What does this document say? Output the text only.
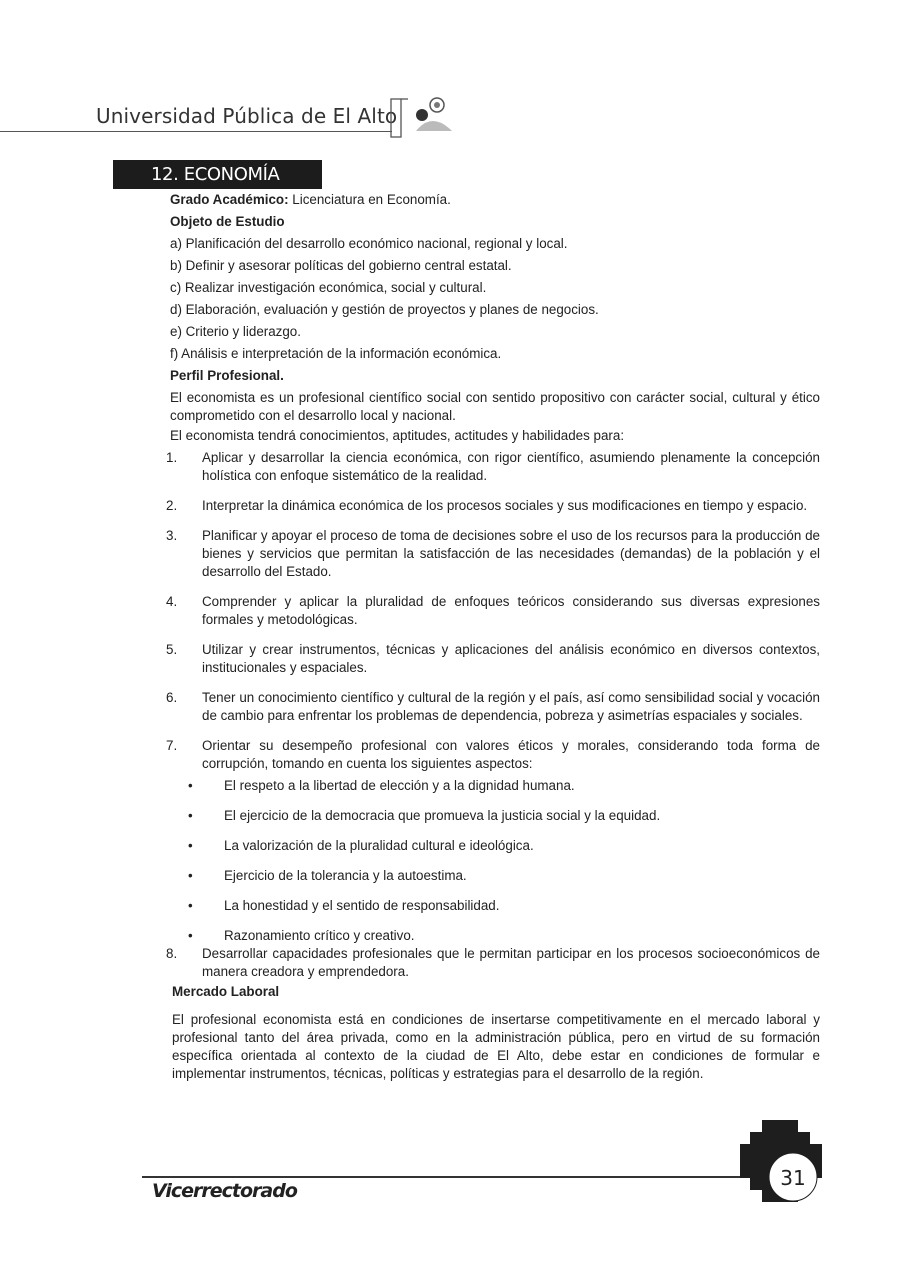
Universidad Pública de El Alto
12. ECONOMÍA
Grado Académico: Licenciatura en Economía.
Objeto de Estudio
a) Planificación del desarrollo económico nacional, regional y local.
b) Definir y asesorar políticas del gobierno central estatal.
c) Realizar investigación económica, social y cultural.
d) Elaboración, evaluación y gestión de proyectos y planes de negocios.
e) Criterio y liderazgo.
f) Análisis e interpretación de la información económica.
Perfil Profesional.
El economista es un profesional científico social con sentido propositivo con carácter social, cultural y ético comprometido con el desarrollo local y nacional.
El economista tendrá conocimientos, aptitudes, actitudes y habilidades para:
1. Aplicar y desarrollar la ciencia económica, con rigor científico, asumiendo plenamente la concepción holística con enfoque sistemático de la realidad.
2. Interpretar la dinámica económica de los procesos sociales y sus modificaciones en tiempo y espacio.
3. Planificar y apoyar el proceso de toma de decisiones sobre el uso de los recursos para la producción de bienes y servicios que permitan la satisfacción de las necesidades (demandas) de la población y el desarrollo del Estado.
4. Comprender y aplicar la pluralidad de enfoques teóricos considerando sus diversas expresiones formales y metodológicas.
5. Utilizar y crear instrumentos, técnicas y aplicaciones del análisis económico en diversos contextos, institucionales y espaciales.
6. Tener un conocimiento científico y cultural de la región y el país, así como sensibilidad social y vocación de cambio para enfrentar los problemas de dependencia, pobreza y asimetrías espaciales y sociales.
7. Orientar su desempeño profesional con valores éticos y morales, considerando toda forma de corrupción, tomando en cuenta los siguientes aspectos:
• El respeto a la libertad de elección y a la dignidad humana.
• El ejercicio de la democracia que promueva la justicia social y la equidad.
• La valorización de la pluralidad cultural e ideológica.
• Ejercicio de la tolerancia y la autoestima.
• La honestidad y el sentido de responsabilidad.
• Razonamiento crítico y creativo.
8. Desarrollar capacidades profesionales que le permitan participar en los procesos socioeconómicos de manera creadora y emprendedora.
Mercado Laboral
El profesional economista está en condiciones de insertarse competitivamente en el mercado laboral y profesional tanto del área privada, como en la administración pública, pero en virtud de su formación específica orientada al contexto de la ciudad de El Alto, debe estar en condiciones de formular e implementar instrumentos, técnicas, políticas y estrategias para el desarrollo de la región.
Vicerrectorado
31
